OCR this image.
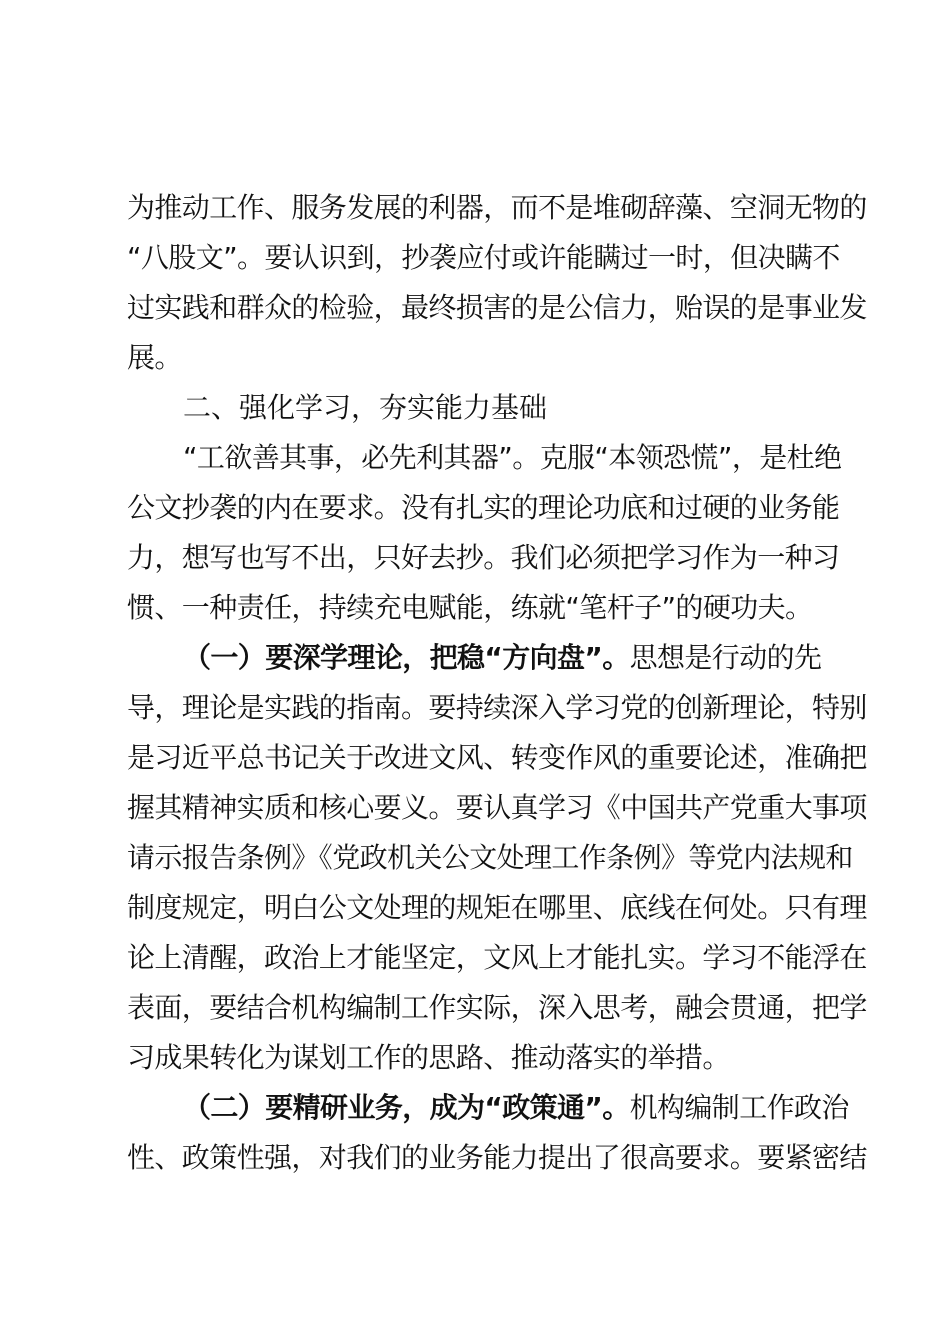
为推动工作、服务发展的利器，而不是堆砌辞藻、空洞无物的
“八股文”。要认识到，抄袭应付或许能瞒过一时，但决瞒不
过实践和群众的检验，最终损害的是公信力，贻误的是事业发
展。
二、强化学习，夯实能力基础
“工欲善其事，必先利其器”。克服“本领恐慌”，是杜绝
公文抄袭的内在要求。没有扎实的理论功底和过硬的业务能
力，想写也写不出，只好去抄。我们必须把学习作为一种习
惯、一种责任，持续充电赋能，练就“笔杆子”的硬功夫。
（一）要深学理论，把稳“方向盘”。思想是行动的先
导，理论是实践的指南。要持续深入学习党的创新理论，特别
是习近平总书记关于改进文风、转变作风的重要论述，准确把
握其精神实质和核心要义。要认真学习《中国共产党重大事项
请示报告条例》《党政机关公文处理工作条例》等党内法规和
制度规定，明白公文处理的规矩在哪里、底线在何处。只有理
论上清醒，政治上才能坚定，文风上才能扎实。学习不能浮在
表面，要结合机构编制工作实际，深入思考，融会贯通，把学
习成果转化为谋划工作的思路、推动落实的举措。
（二）要精研业务，成为“政策通”。机构编制工作政治
性、政策性强，对我们的业务能力提出了很高要求。要紧密结
